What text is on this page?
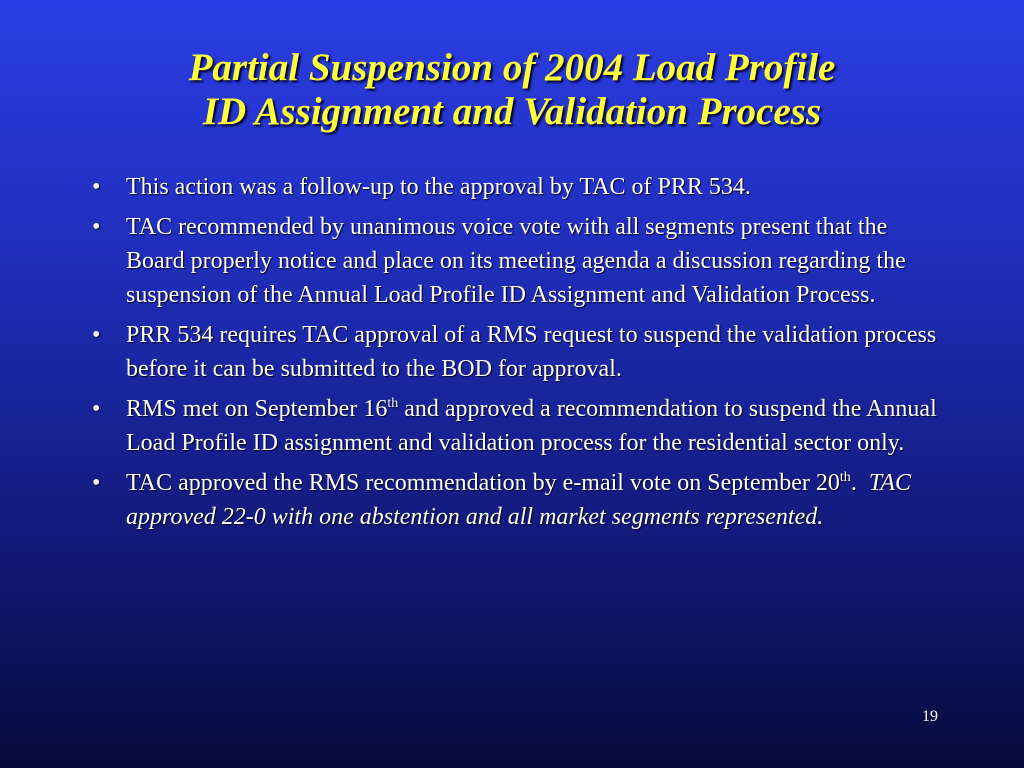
Partial Suspension of 2004 Load Profile
ID Assignment and Validation Process
• This action was a follow-up to the approval by TAC of PRR 534.
• TAC recommended by unanimous voice vote with all segments present that the Board properly notice and place on its meeting agenda a discussion regarding the suspension of the Annual Load Profile ID Assignment and Validation Process.
• PRR 534 requires TAC approval of a RMS request to suspend the validation process before it can be submitted to the BOD for approval.
• RMS met on September 16th and approved a recommendation to suspend the Annual Load Profile ID assignment and validation process for the residential sector only.
• TAC approved the RMS recommendation by e-mail vote on September 20th.  TAC approved 22-0 with one abstention and all market segments represented.
19
